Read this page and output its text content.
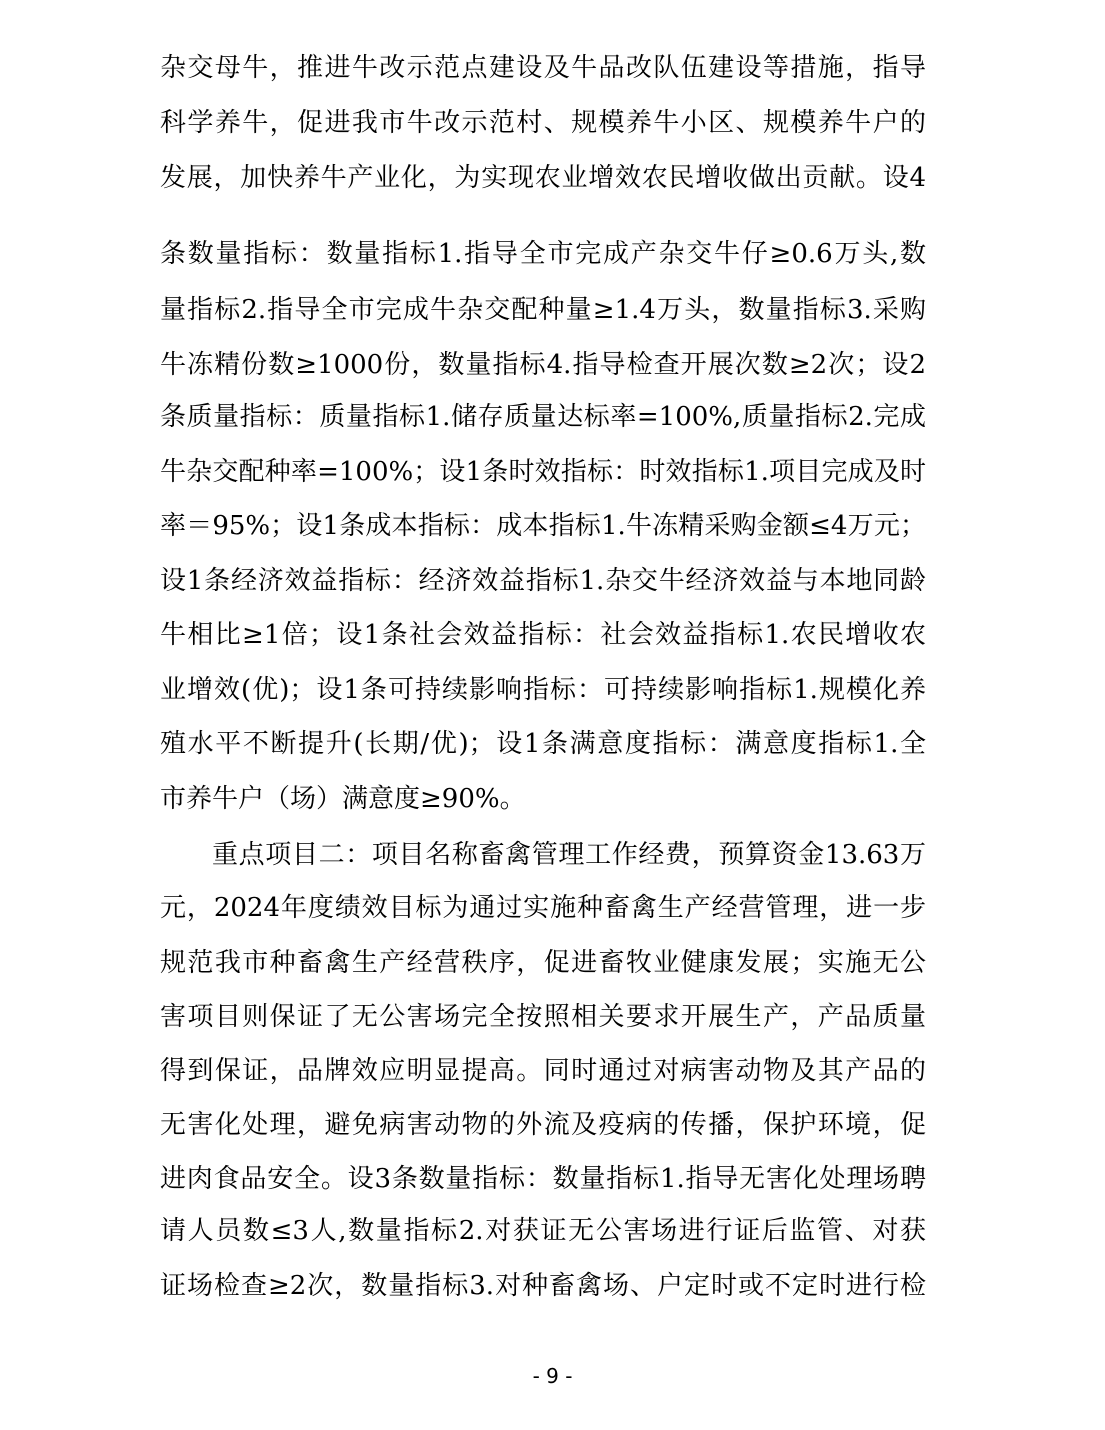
杂交母牛，推进牛改示范点建设及牛品改队伍建设等措施，指导
科学养牛，促进我市牛改示范村、规模养牛小区、规模养牛户的
发展，加快养牛产业化，为实现农业增效农民增收做出贡献。设4
条数量指标：数量指标1.指导全市完成产杂交牛仔≥0.6万头,数
量指标2.指导全市完成牛杂交配种量≥1.4万头，数量指标3.采购
牛冻精份数≥1000份，数量指标4.指导检查开展次数≥2次；设2
条质量指标：质量指标1.储存质量达标率=100%,质量指标2.完成
牛杂交配种率=100%；设1条时效指标：时效指标1.项目完成及时
率＝95%；设1条成本指标：成本指标1.牛冻精采购金额≤4万元；
设1条经济效益指标：经济效益指标1.杂交牛经济效益与本地同龄
牛相比≥1倍；设1条社会效益指标：社会效益指标1.农民增收农
业增效(优)；设1条可持续影响指标：可持续影响指标1.规模化养
殖水平不断提升(长期/优)；设1条满意度指标：满意度指标1.全
市养牛户（场）满意度≥90%。
重点项目二：项目名称畜禽管理工作经费，预算资金13.63万
元，2024年度绩效目标为通过实施种畜禽生产经营管理，进一步
规范我市种畜禽生产经营秩序，促进畜牧业健康发展；实施无公
害项目则保证了无公害场完全按照相关要求开展生产，产品质量
得到保证，品牌效应明显提高。同时通过对病害动物及其产品的
无害化处理，避免病害动物的外流及疫病的传播，保护环境，促
进肉食品安全。设3条数量指标：数量指标1.指导无害化处理场聘
请人员数≤3人,数量指标2.对获证无公害场进行证后监管、对获
证场检查≥2次，数量指标3.对种畜禽场、户定时或不定时进行检
- 9 -
